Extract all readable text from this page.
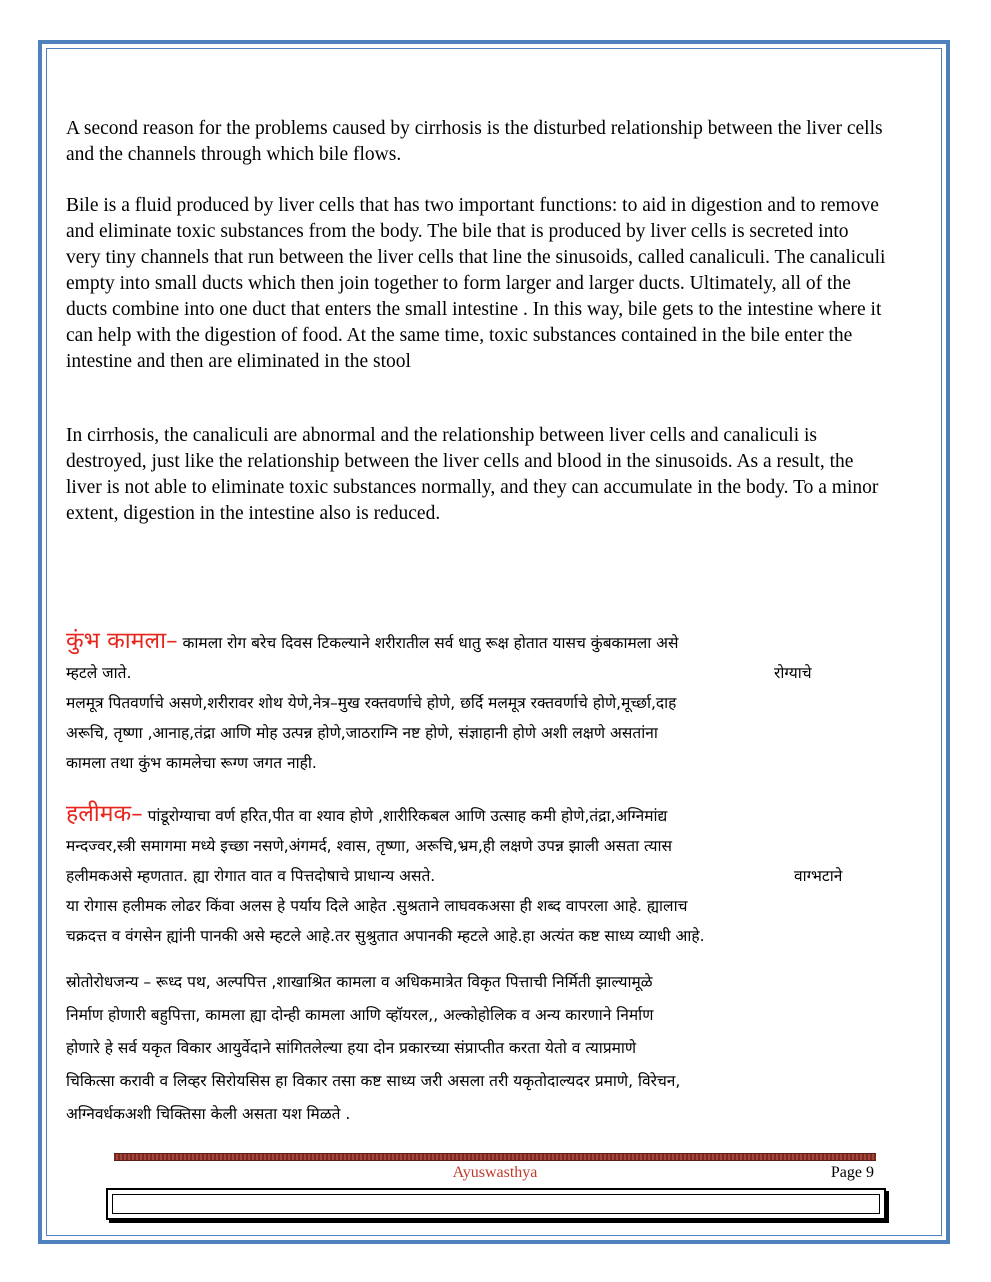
A second reason for the problems caused by cirrhosis is the disturbed relationship between the liver cells and the channels through which bile flows.

Bile is a fluid produced by liver cells that has two important functions: to aid in digestion and to remove and eliminate toxic substances from the body. The bile that is produced by liver cells is secreted into very tiny channels that run between the liver cells that line the sinusoids, called canaliculi. The canaliculi empty into small ducts which then join together to form larger and larger ducts. Ultimately, all of the ducts combine into one duct that enters the small intestine . In this way, bile gets to the intestine where it can help with the digestion of food. At the same time, toxic substances contained in the bile enter the intestine and then are eliminated in the stool

In cirrhosis, the canaliculi are abnormal and the relationship between liver cells and canaliculi is destroyed, just like the relationship between the liver cells and blood in the sinusoids. As a result, the liver is not able to eliminate toxic substances normally, and they can accumulate in the body. To a minor extent, digestion in the intestine also is reduced.

कुंभ कामला– कामला रोग बरेच दिवस टिकल्याने शरीरातील सर्व धातु रूक्ष होतात यासच कुंबकामला असे
म्हटले जाते.	रोग्याचे
मलमूत्र पितवर्णाचे असणे,शरीरावर शोथ येणे,नेत्र–मुख रक्तवर्णाचे होणे, छर्दि मलमूत्र रक्तवर्णाचे होणे,मूर्च्छा,दाह
अरूचि, तृष्णा ,आनाह,तंद्रा आणि मोह उत्पन्न होणे,जाठराग्नि नष्ट होणे, संज्ञाहानी होणे अशी लक्षणे असतांना
कामला तथा कुंभ कामलेचा रूग्ण जगत नाही.
हलीमक– पांडूरोग्याचा वर्ण हरित,पीत वा श्याव होणे ,शारीरिकबल आणि उत्साह कमी होणे,तंद्रा,अग्निमांद्य
मन्दज्वर,स्त्री समागमा मध्ये इच्छा नसणे,अंगमर्द, श्वास, तृष्णा, अरूचि,भ्रम,ही लक्षणे उपन्न झाली असता त्यास
हलीमकअसे म्हणतात. ह्या रोगात वात व पित्तदोषाचे प्राधान्य असते.	वाग्भटाने
या रोगास हलीमक लोढर किंवा अलस हे पर्याय दिले आहेत .सुश्रताने लाघवकअसा ही शब्द वापरला आहे. ह्यालाच
चक्रदत्त व वंगसेन ह्यांनी पानकी असे म्हटले आहे.तर सुश्रुतात अपानकी म्हटले आहे.हा अत्यंत कष्ट साध्य व्याधी आहे.
स्रोतोरोधजन्य – रूध्द पथ, अल्पपित्त ,शाखाश्रित कामला व अधिकमात्रेत विकृत पित्ताची निर्मिती झाल्यामूळे
निर्माण होणारी बहुपित्ता, कामला ह्या दोन्ही कामला आणि व्हॉयरल,, अल्कोहोलिक व अन्य कारणाने निर्माण
होणारे हे सर्व यकृत विकार आयुर्वेदाने सांगितलेल्या हया दोन प्रकारच्या संप्राप्तीत करता येतो व त्याप्रमाणे
चिकित्सा करावी व लिव्हर सिरोयसिस हा विकार तसा कष्ट साध्य जरी असला तरी यकृतोदाल्यदर प्रमाणे, विरेचन,
अग्निवर्धकअशी चिक्तिसा केली असता यश मिळते .
Ayuswasthya	Page 9
